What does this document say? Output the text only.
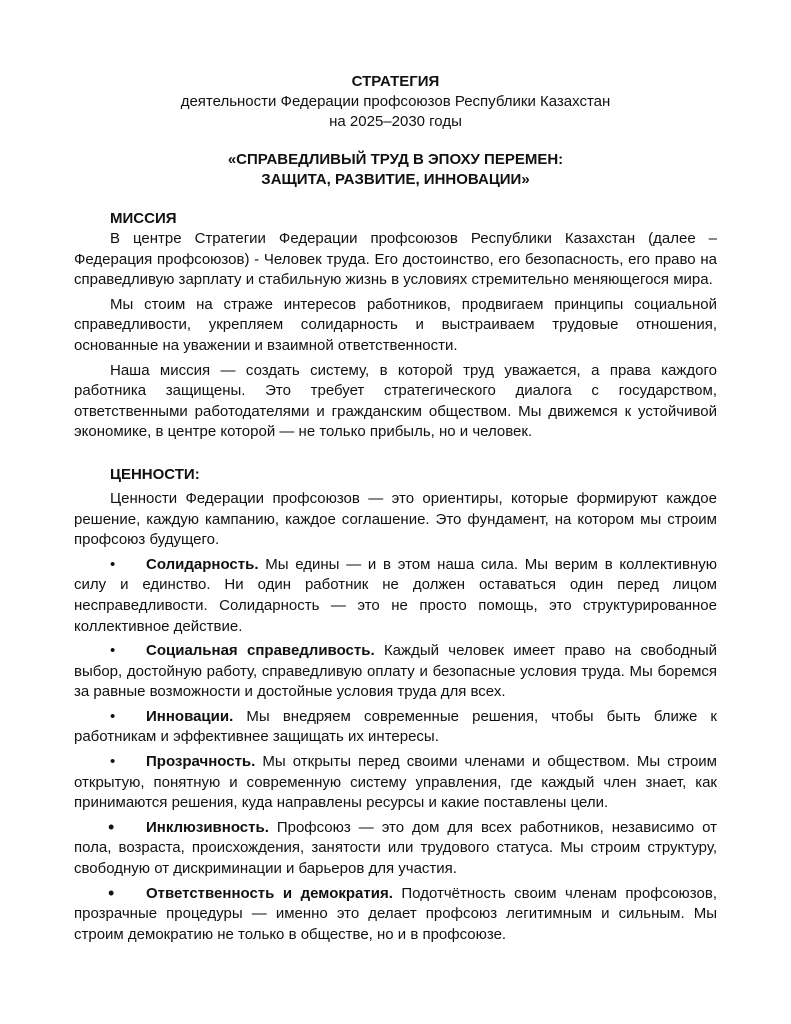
СТРАТЕГИЯ
деятельности Федерации профсоюзов Республики Казахстан
на 2025–2030 годы
«СПРАВЕДЛИВЫЙ ТРУД В ЭПОХУ ПЕРЕМЕН:
ЗАЩИТА, РАЗВИТИЕ, ИННОВАЦИИ»
МИССИЯ

В центре Стратегии Федерации профсоюзов Республики Казахстан (далее – Федерация профсоюзов) - Человек труда. Его достоинство, его безопасность, его право на справедливую зарплату и стабильную жизнь в условиях стремительно меняющегося мира.

Мы стоим на страже интересов работников, продвигаем принципы социальной справедливости, укрепляем солидарность и выстраиваем трудовые отношения, основанные на уважении и взаимной ответственности.

Наша миссия — создать систему, в которой труд уважается, а права каждого работника защищены. Это требует стратегического диалога с государством, ответственными работодателями и гражданским обществом. Мы движемся к устойчивой экономике, в центре которой — не только прибыль, но и человек.

ЦЕННОСТИ:

Ценности Федерации профсоюзов — это ориентиры, которые формируют каждое решение, каждую кампанию, каждое соглашение. Это фундамент, на котором мы строим профсоюз будущего.

• Солидарность. Мы едины — и в этом наша сила. Мы верим в коллективную силу и единство. Ни один работник не должен оставаться один перед лицом несправедливости. Солидарность — это не просто помощь, это структурированное коллективное действие.

• Социальная справедливость. Каждый человек имеет право на свободный выбор, достойную работу, справедливую оплату и безопасные условия труда. Мы боремся за равные возможности и достойные условия труда для всех.

• Инновации. Мы внедряем современные решения, чтобы быть ближе к работникам и эффективнее защищать их интересы.

• Прозрачность. Мы открыты перед своими членами и обществом. Мы строим открытую, понятную и современную систему управления, где каждый член знает, как принимаются решения, куда направлены ресурсы и какие поставлены цели.

• Инклюзивность. Профсоюз — это дом для всех работников, независимо от пола, возраста, происхождения, занятости или трудового статуса. Мы строим структуру, свободную от дискриминации и барьеров для участия.

• Ответственность и демократия. Подотчётность своим членам профсоюзов, прозрачные процедуры — именно это делает профсоюз легитимным и сильным. Мы строим демократию не только в обществе, но и в профсоюзе.
